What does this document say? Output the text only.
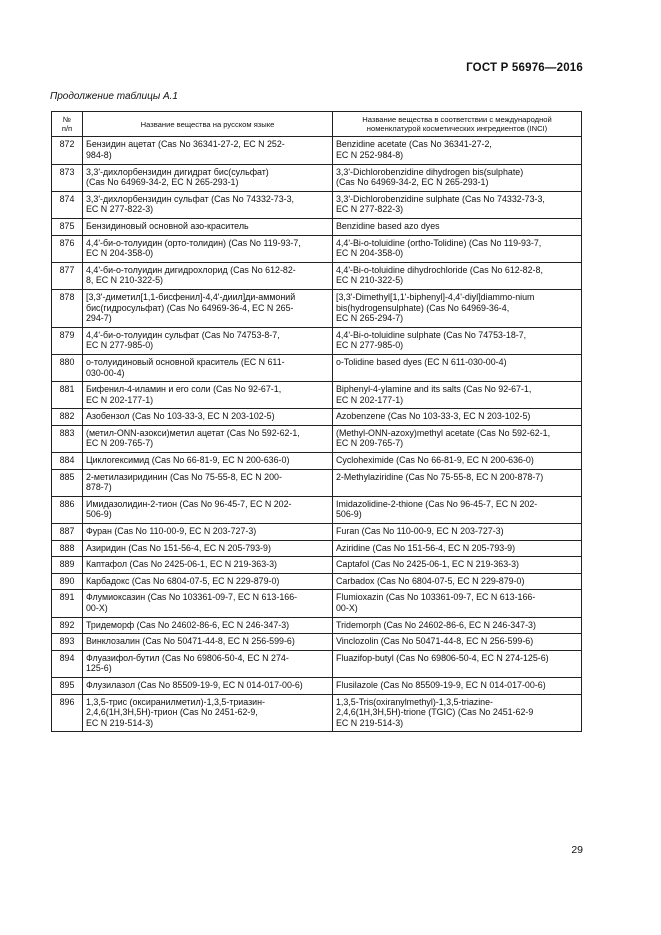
ГОСТ Р 56976—2016
Продолжение таблицы А.1
№
п/п	Название вещества на русском языке	Название вещества в соответствии с международной номенклатурой косметических ингредиентов (INCI)
872	Бензидин ацетат (Cas No 36341-27-2, EC N 252-
984-8)	Benzidine acetate (Cas No 36341-27-2,
EC N 252-984-8)
873	3,3'-дихлорбензидин дигидрат бис(сульфат)
(Cas No 64969-34-2, EC N 265-293-1)	3,3'-Dichlorobenzidine dihydrogen bis(sulphate)
(Cas No 64969-34-2, EC N 265-293-1)
874	3,3'-дихлорбензидин сульфат (Cas No 74332-73-3,
EC N 277-822-3)	3,3'-Dichlorobenzidine sulphate (Cas No 74332-73-3,
EC N 277-822-3)
875	Бензидиновый основной азо-краситель	Benzidine based azo dyes
876	4,4'-би-о-толуидин (орто-толидин) (Cas No 119-93-7,
EC N 204-358-0)	4,4'-Bi-o-toluidine (ortho-Tolidine) (Cas No 119-93-7,
EC N 204-358-0)
877	4,4'-би-о-толуидин дигидрохлорид (Cas No 612-82-
8, EC N 210-322-5)	4,4'-Bi-o-toluidine dihydrochloride (Cas No 612-82-8,
EC N 210-322-5)
878	[3,3'-диметил[1,1-бисфенил]-4,4'-диил]ди-аммоний
бис(гидросульфат) (Cas No 64969-36-4, EC N 265-
294-7)	[3,3'-Dimethyl[1,1'-biphenyl]-4,4'-diyl]diammo-nium
bis(hydrogensulphate) (Cas No 64969-36-4,
EC N 265-294-7)
879	4,4'-би-о-толуидин сульфат (Cas No 74753-8-7,
EC N 277-985-0)	4,4'-Bi-o-toluidine sulphate (Cas No 74753-18-7,
EC N 277-985-0)
880	о-толуидиновый основной краситель (EC N 611-
030-00-4)	o-Tolidine based dyes (EC N 611-030-00-4)
881	Бифенил-4-иламин и его соли (Cas No 92-67-1,
EC N 202-177-1)	Biphenyl-4-ylamine and its salts (Cas No 92-67-1,
EC N 202-177-1)
882	Азобензол (Cas No 103-33-3, EC N 203-102-5)	Azobenzene (Cas No 103-33-3, EC N 203-102-5)
883	(метил-ONN-азокси)метил ацетат (Cas No 592-62-1,
EC N 209-765-7)	(Methyl-ONN-azoxy)methyl acetate (Cas No 592-62-1,
EC N 209-765-7)
884	Циклогексимид (Cas No 66-81-9, EC N 200-636-0)	Cycloheximide (Cas No 66-81-9, EC N 200-636-0)
885	2-метилазиридинин (Cas No 75-55-8, EC N 200-
878-7)	2-Methylaziridine (Cas No 75-55-8, EC N 200-878-7)
886	Имидазолидин-2-тион (Cas No 96-45-7, EC N 202-
506-9)	Imidazolidine-2-thione (Cas No 96-45-7, EC N 202-
506-9)
887	Фуран (Cas No 110-00-9, EC N 203-727-3)	Furan (Cas No 110-00-9, EC N 203-727-3)
888	Азиридин (Cas No 151-56-4, EC N 205-793-9)	Aziridine (Cas No 151-56-4, EC N 205-793-9)
889	Каптафол (Cas No 2425-06-1, EC N 219-363-3)	Captafol (Cas No 2425-06-1, EC N 219-363-3)
890	Карбадокс (Cas No 6804-07-5, EC N 229-879-0)	Carbadox (Cas No 6804-07-5, EC N 229-879-0)
891	Флумиоксазин (Cas No 103361-09-7, EC N 613-166-
00-X)	Flumioxazin (Cas No 103361-09-7, EC N 613-166-
00-X)
892	Тридеморф (Cas No 24602-86-6, EC N 246-347-3)	Tridemorph (Cas No 24602-86-6, EC N 246-347-3)
893	Винклозалин (Cas No 50471-44-8, EC N 256-599-6)	Vinclozolin (Cas No 50471-44-8, EC N 256-599-6)
894	Флуазифол-бутил (Cas No 69806-50-4, EC N 274-
125-6)	Fluazifop-butyl (Cas No 69806-50-4, EC N 274-125-6)
895	Флузилазол (Cas No 85509-19-9, EC N 014-017-00-6)	Flusilazole (Cas No 85509-19-9, EC N 014-017-00-6)
896	1,3,5-трис (оксиранилметил)-1,3,5-триазин-
2,4,6(1H,3H,5H)-трион (Cas No 2451-62-9,
EC N 219-514-3)	1,3,5-Tris(oxiranylmethyl)-1,3,5-triazine-
2,4,6(1H,3H,5H)-trione (TGIC) (Cas No 2451-62-9
EC N 219-514-3)
29
